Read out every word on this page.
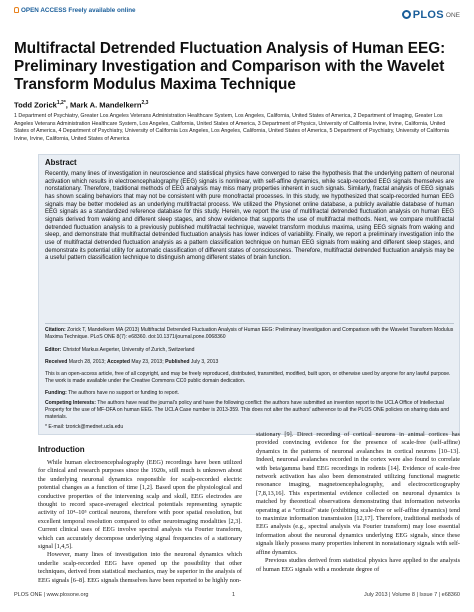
OPEN ACCESS Freely available online	PLOS ONE
Multifractal Detrended Fluctuation Analysis of Human EEG: Preliminary Investigation and Comparison with the Wavelet Transform Modulus Maxima Technique
Todd Zorick$^{1,2*}$, Mark A. Mandelkern$^{2,3}$
1 Department of Psychiatry, Greater Los Angeles Veterans Administration Healthcare System, Los Angeles, California, United States of America, 2 Department of Imaging, Greater Los Angeles Veterans Administration Healthcare System, Los Angeles, California, United States of America, 3 Department of Physics, University of California Irvine, Irvine, California, United States of America, 4 Department of Psychiatry, University of California Los Angeles, Los Angeles, California, United States of America, 5 Department of Psychiatry, University of California Irvine, Irvine, California, United States of America
Abstract
Recently, many lines of investigation in neuroscience and statistical physics have converged to raise the hypothesis that the underlying pattern of neuronal activation which results in electroencephalography (EEG) signals is nonlinear, with self-affine dynamics, while scalp-recorded EEG signals themselves are nonstationary. Therefore, traditional methods of EEG analysis may miss many properties inherent in such signals. Similarly, fractal analysis of EEG signals has shown scaling behaviors that may not be consistent with pure monofractal processes. In this study, we hypothesized that scalp-recorded human EEG signals may be better modeled as an underlying multifractal process. We utilized the Physionet online database, a publicly available database of human EEG signals as a standardized reference database for this study. Herein, we report the use of multifractal detrended fluctuation analysis on human EEG signals derived from waking and different sleep stages, and show evidence that supports the use of multifractal methods. Next, we compare multifractal detrended fluctuation analysis to a previously published multifractal technique, wavelet transform modulus maxima, using EEG signals from waking and sleep, and demonstrate that multifractal detrended fluctuation analysis has lower indices of variability. Finally, we report a preliminary investigation into the use of multifractal detrended fluctuation analysis as a pattern classification technique on human EEG signals from waking and different sleep stages, and demonstrate its potential utility for automatic classification of different states of consciousness. Therefore, multifractal detrended fluctuation analysis may be a useful pattern classification technique to distinguish among different states of brain function.
Citation: Zorick T, Mandelkern MA (2013) Multifractal Detrended Fluctuation Analysis of Human EEG: Preliminary Investigation and Comparison with the Wavelet Transform Modulus Maxima Technique. PLoS ONE 8(7): e68360. doi:10.1371/journal.pone.0068360
Editor: Christof Markus Aegerter, University of Zurich, Switzerland
Received March 28, 2013; Accepted May 23, 2013; Published July 3, 2013
This is an open-access article, free of all copyright, and may be freely reproduced, distributed, transmitted, modified, built upon, or otherwise used by anyone for any lawful purpose. The work is made available under the Creative Commons CC0 public domain dedication.
Funding: The authors have no support or funding to report.
Competing Interests: The authors have read the journal's policy and have the following conflict: the authors have submitted an invention report to the UCLA Office of Intellectual Property for the use of MF-DFA on human EEG. The UCLA Case number is 2013-359. This does not alter the authors' adherence to all the PLOS ONE policies on sharing data and materials.
* E-mail: tzorick@mednet.ucla.edu
Introduction

While human electroencephalography (EEG) recordings have been utilized for clinical and research purposes since the 1920s, still much is unknown about the underlying neuronal dynamics responsible for scalp-recorded electric potential changes as a function of time [1,2]. Based upon the physiological and conductive properties of the intervening scalp and skull, EEG electrodes are thought to record space-averaged electrical potentials representing synaptic activity of 10⁴–10⁵ cortical neurons, therefore with poor spatial resolution, but excellent temporal resolution compared to other neuroimaging modalities [2,3]. Current clinical uses of EEG involve spectral analysis via Fourier transform, which can accurately decompose underlying signal frequencies of a stationary signal [1,4,5].

However, many lines of investigation into the neuronal dynamics which underlie scalp-recorded EEG have opened up the possibility that other techniques, derived from statistical mechanics, may be superior in the analysis of EEG signals [6–8]. EEG signals themselves have been reported to be highly non-

stationary [9]. Direct recording of cortical neurons in animal cortices has provided convincing evidence for the presence of scale-free (self-affine) dynamics in the patterns of neuronal avalanches in cortical neurons [10–13]. Indeed, neuronal avalanches recorded in the cortex were also found to correlate with beta/gamma band EEG recordings in rodents [14]. Evidence of scale-free network activation has also been demonstrated utilizing functional magnetic resonance imaging, magnetoencephalography, and electrocorticography [7,8,13,16]. This experimental evidence collected on neuronal dynamics is matched by theoretical observations demonstrating that information networks operating at a “critical” state (exhibiting scale-free or self-affine dynamics) tend to maximize information transmission [12,17]. Therefore, traditional methods of EEG analysis (e.g., spectral analysis via Fourier transform) may lose essential information about the neuronal dynamics underlying EEG signals, since these signals likely possess many properties inherent in nonstationary signals with self-affine dynamics.

Previous studies derived from statistical physics have applied to the analysis of human EEG signals with a moderate degree of

PLOS ONE | www.plosone.org	1	July 2013 | Volume 8 | Issue 7 | e68360
